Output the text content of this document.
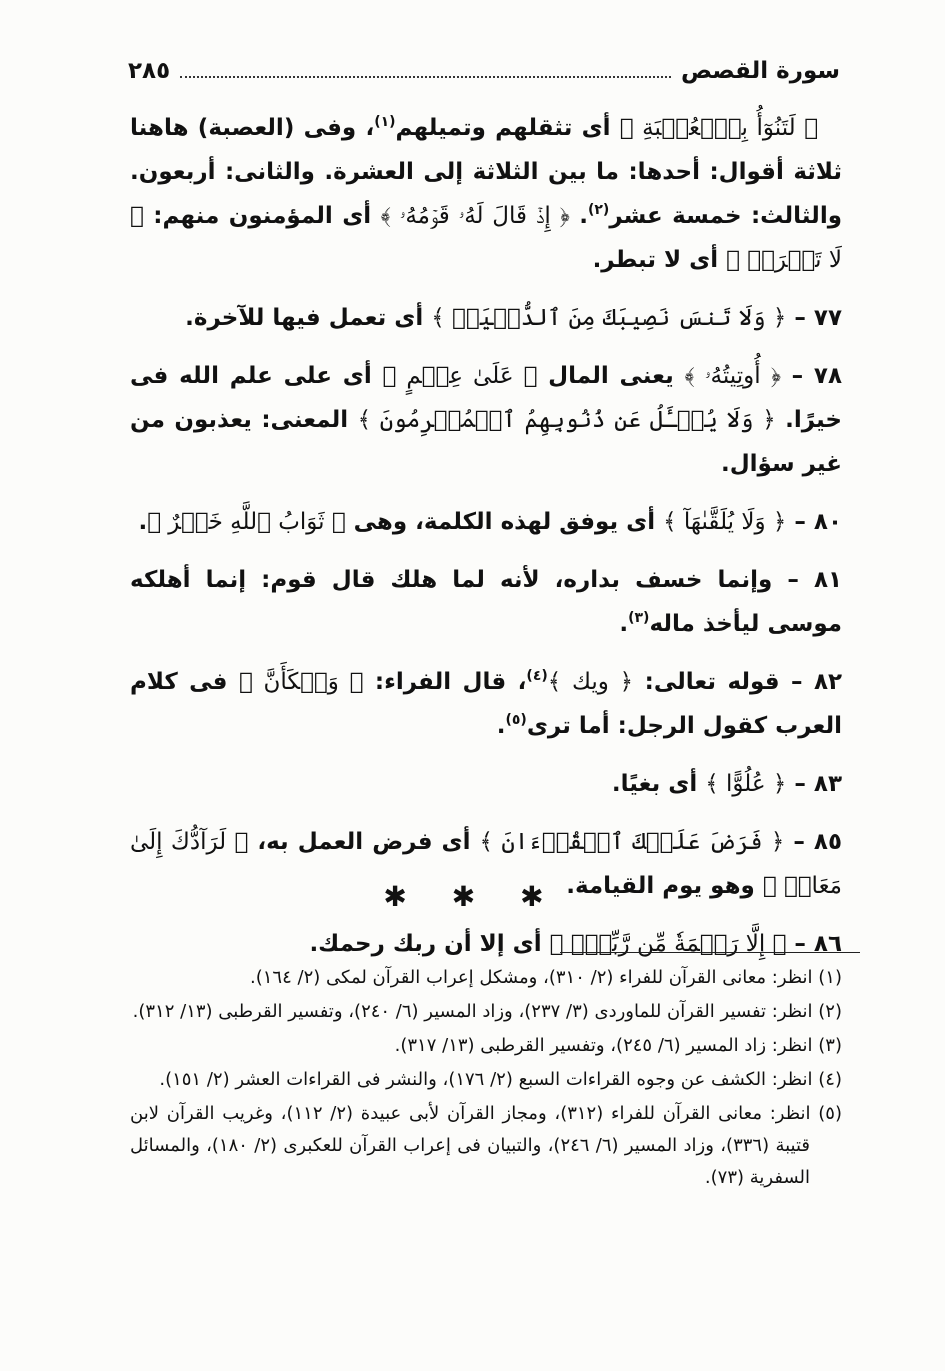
سورة القصص
٢٨٥

﴿ لَتَنُوٓأُ بِٱلۡعُصۡبَةِ ﴾ أى تثقلهم وتميلهم$^{(١)}$، وفى (العصبة) هاهنا ثلاثة أقوال: أحدها: ما بين الثلاثة إلى العشرة. والثانى: أربعون. والثالث: خمسة عشر$^{(٢)}$. ﴿ إِذۡ قَالَ لَهُۥ قَوۡمُهُۥ ﴾ أى المؤمنون منهم: ﴿ لَا تَفۡرَحۡ ﴾ أى لا تبطر.

٧٧ – ﴿ وَلَا تَنسَ نَصِيبَكَ مِنَ ٱلدُّنۡيَاۖ ﴾ أى تعمل فيها للآخرة.

٧٨ – ﴿ أُوتِيتُهُۥ ﴾ يعنى المال ﴿ عَلَىٰ عِلۡمٍ ﴾ أى على علم الله فى خيرًا. ﴿ وَلَا يُسۡـَٔلُ عَن ذُنُوبِهِمُ ٱلۡمُجۡرِمُونَ ﴾ المعنى: يعذبون من غير سؤال.

٨٠ – ﴿ وَلَا يُلَقَّىٰهَآ ﴾ أى يوفق لهذه الكلمة، وهى ﴿ ثَوَابُ ٱللَّهِ خَيۡرٌ ﴾.

٨١ – وإنما خسف بداره، لأنه لما هلك قال قوم: إنما أهلكه موسى ليأخذ ماله$^{(٣)}$.

٨٢ – قوله تعالى: ﴿ ويك ﴾$^{(٤)}$، قال الفراء: ﴿ وَيۡكَأَنَّ ﴾ فى كلام العرب كقول الرجل: أما ترى$^{(٥)}$.

٨٣ – ﴿ عُلُوًّا ﴾ أى بغيًا.

٨٥ – ﴿ فَرَضَ عَلَيۡكَ ٱلۡقُرۡءَانَ ﴾ أى فرض العمل به، ﴿ لَرَآدُّكَ إِلَىٰ مَعَادٖ ﴾ وهو يوم القيامة.

٨٦ – ﴿ إِلَّا رَحۡمَةٗ مِّن رَّبِّكَۖ ﴾ أى إلا أن ربك رحمك.

✱ ✱ ✱

(١) انظر: معانى القرآن للفراء (٢/ ٣١٠)، ومشكل إعراب القرآن لمكى (٢/ ١٦٤).

(٢) انظر: تفسير القرآن للماوردى (٣/ ٢٣٧)، وزاد المسير (٦/ ٢٤٠)، وتفسير القرطبى (١٣/ ٣١٢).

(٣) انظر: زاد المسير (٦/ ٢٤٥)، وتفسير القرطبى (١٣/ ٣١٧).

(٤) انظر: الكشف عن وجوه القراءات السبع (٢/ ١٧٦)، والنشر فى القراءات العشر (٢/ ١٥١).

(٥) انظر: معانى القرآن للفراء (٣١٢)، ومجاز القرآن لأبى عبيدة (٢/ ١١٢)، وغريب القرآن لابن قتيبة (٣٣٦)، وزاد المسير (٦/ ٢٤٦)، والتبيان فى إعراب القرآن للعكبرى (٢/ ١٨٠)، والمسائل السفرية (٧٣).
